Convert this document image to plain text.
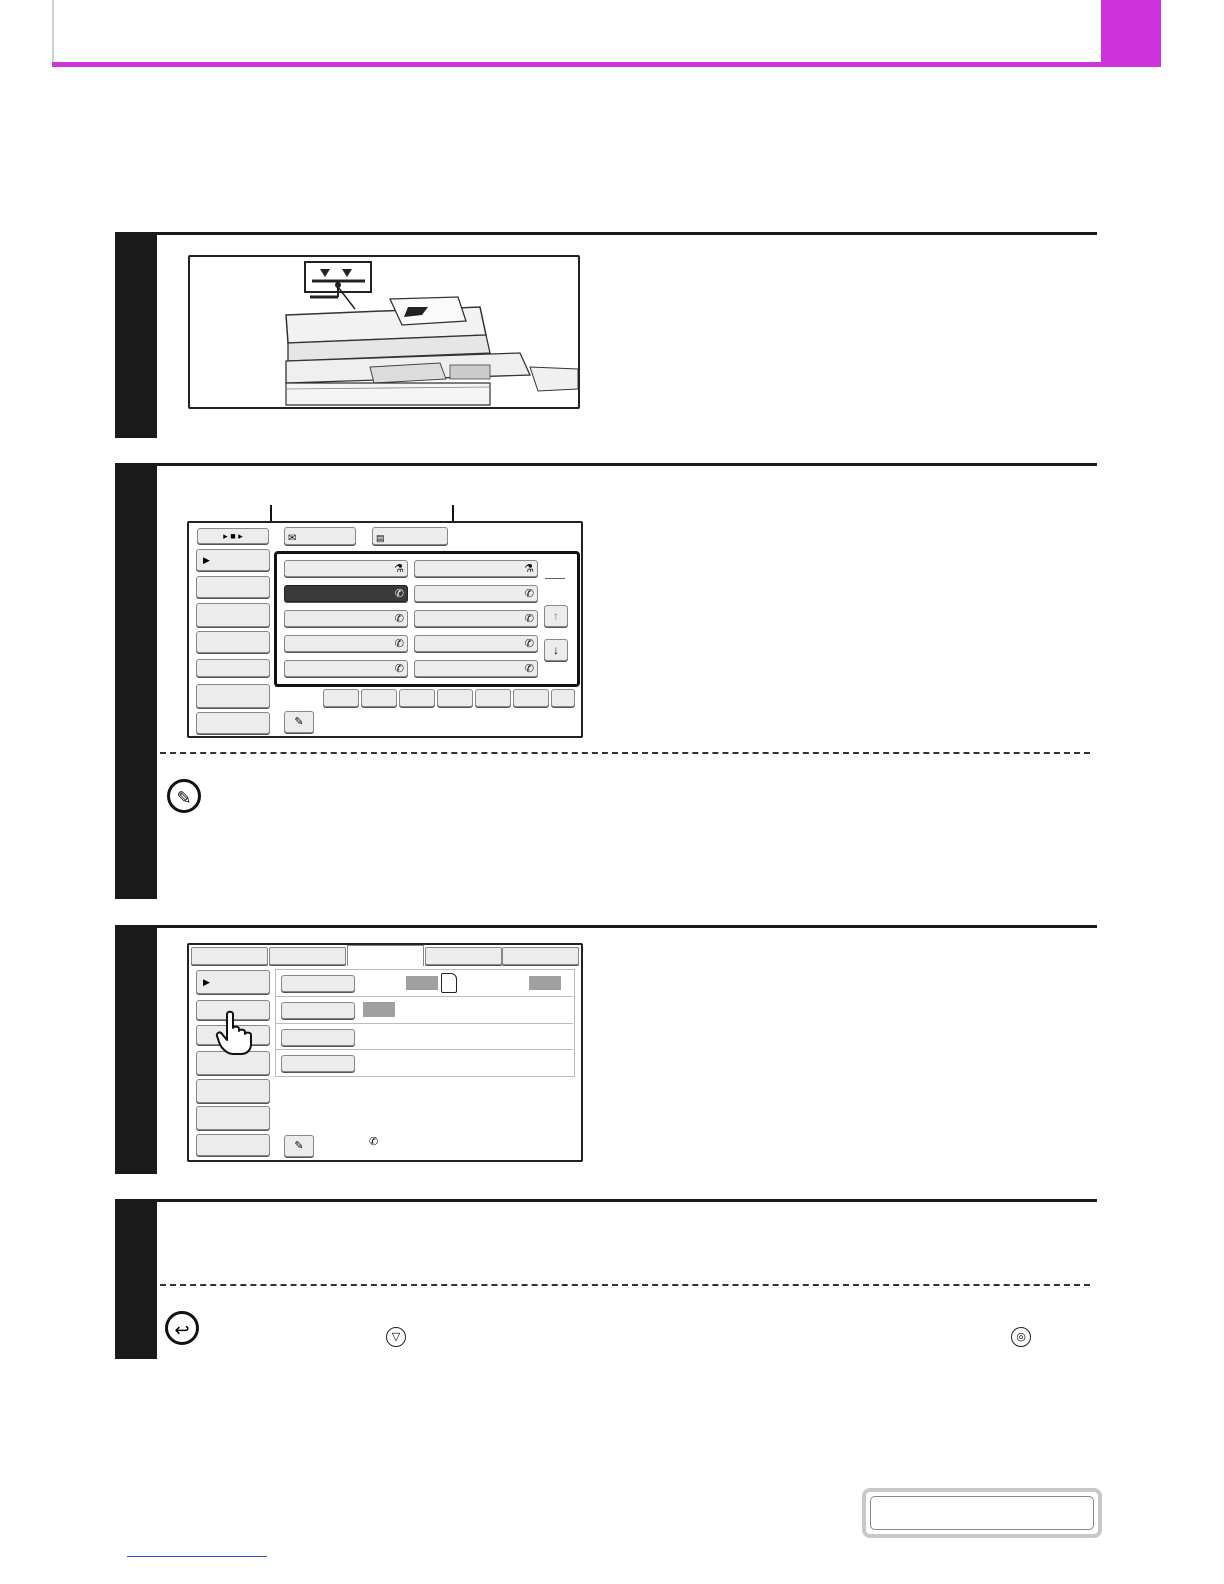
▸ ■ ▸	✉	▤
▶
⚗	⚗
✆	✆
✆	✆
✆	✆
✆	✆
↑
↓
✎
✎
▶
✎	✆
↩	▽	◎
